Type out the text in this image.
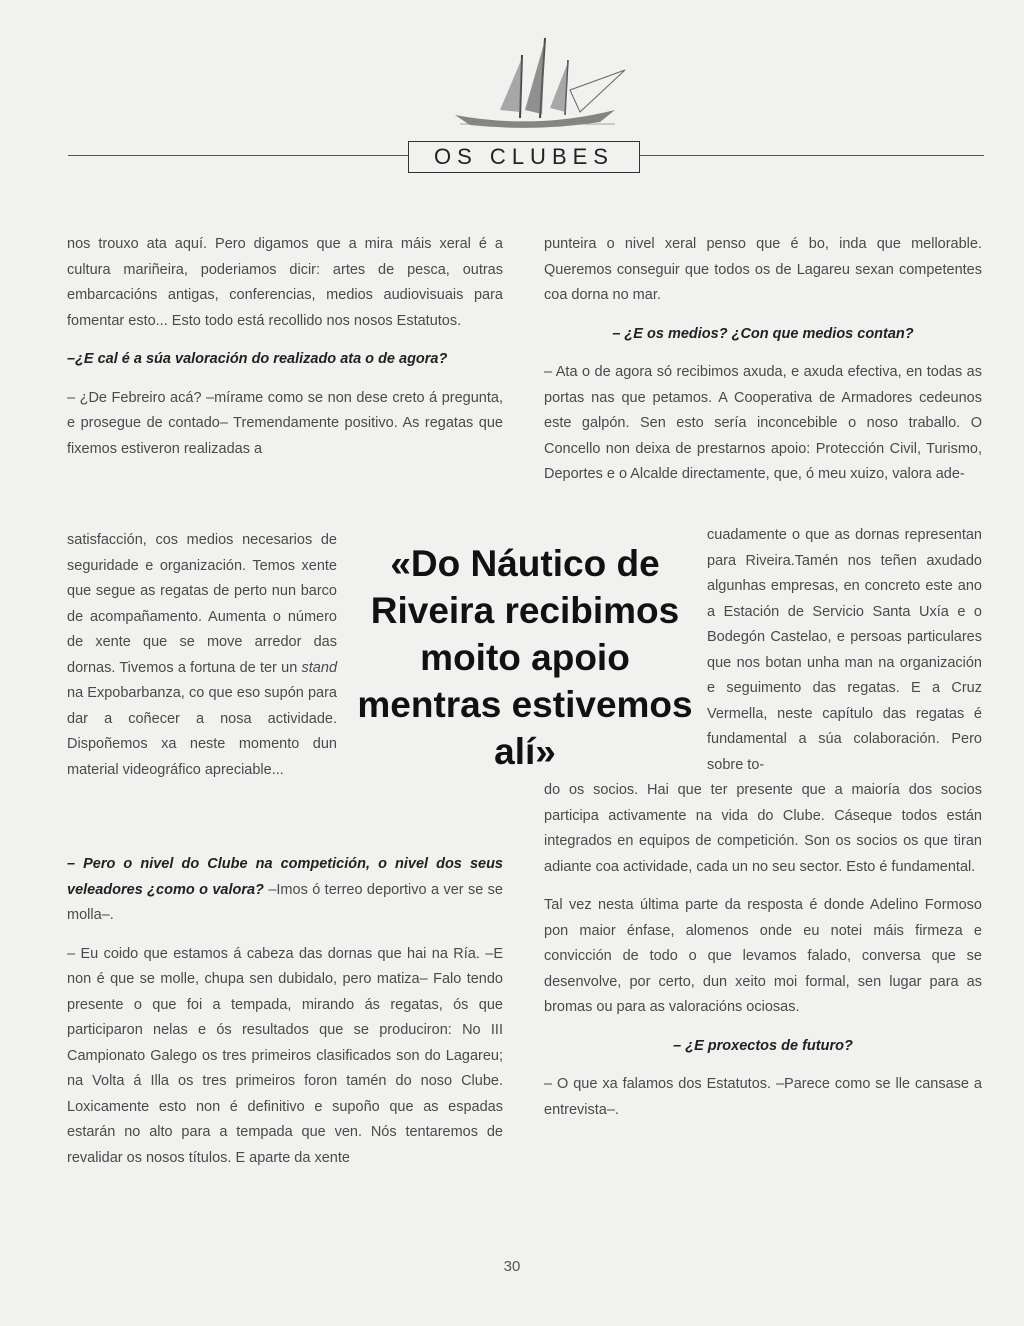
OS CLUBES

nos trouxo ata aquí. Pero digamos que a mira máis xeral é a cultura mariñeira, poderiamos dicir: artes de pesca, outras embarcacións antigas, conferencias, medios audiovisuais para fomentar esto... Esto todo está recollido nos nosos Estatutos.

–¿E cal é a súa valoración do realizado ata o de agora?

– ¿De Febreiro acá? –mírame como se non dese creto á pregunta, e prosegue de contado– Tremendamente positivo. As regatas que fixemos estiveron realizadas a

satisfacción, cos medios necesarios de seguridade e organización. Temos xente que segue as regatas de perto nun barco de acompañamento. Aumenta o número de xente que se move arredor das dornas. Tivemos a fortuna de ter un stand na Expobarbanza, co que eso supón para dar a coñecer a nosa actividade. Dispoñemos xa neste momento dun material videográfico apreciable...

«Do Náutico de Riveira recibimos moito apoio mentras estivemos alí»

– Pero o nivel do Clube na competición, o nivel dos seus veleadores ¿como o valora? –Imos ó terreo deportivo a ver se se molla–.

– Eu coido que estamos á cabeza das dornas que hai na Ría. –E non é que se molle, chupa sen dubidalo, pero matiza– Falo tendo presente o que foi a tempada, mirando ás regatas, ós que participaron nelas e ós resultados que se produciron: No III Campionato Galego os tres primeiros clasificados son do Lagareu; na Volta á Illa os tres primeiros foron tamén do noso Clube. Loxicamente esto non é definitivo e supoño que as espadas estarán no alto para a tempada que ven. Nós tentaremos de revalidar os nosos títulos. E aparte da xente

punteira o nivel xeral penso que é bo, inda que mellorable. Queremos conseguir que todos os de Lagareu sexan competentes coa dorna no mar.

– ¿E os medios? ¿Con que medios contan?

– Ata o de agora só recibimos axuda, e axuda efectiva, en todas as portas nas que petamos. A Cooperativa de Armadores cedeunos este galpón. Sen esto sería inconcebible o noso traballo. O Concello non deixa de prestarnos apoio: Protección Civil, Turismo, Deportes e o Alcalde directamente, que, ó meu xuizo, valora ade-

cuadamente o que as dornas representan para Riveira.Tamén nos teñen axudado algunhas empresas, en concreto este ano a Estación de Servicio Santa Uxía e o Bodegón Castelao, e persoas particulares que nos botan unha man na organización e seguimento das regatas. E a Cruz Vermella, neste capítulo das regatas é fundamental a súa colaboración. Pero sobre to-

do os socios. Hai que ter presente que a maioría dos socios participa activamente na vida do Clube. Cáseque todos están integrados en equipos de competición. Son os socios os que tiran adiante coa actividade, cada un no seu sector. Esto é fundamental.

Tal vez nesta última parte da resposta é donde Adelino Formoso pon maior énfase, alomenos onde eu notei máis firmeza e convicción de todo o que levamos falado, conversa que se desenvolve, por certo, dun xeito moi formal, sen lugar para as bromas ou para as valoracións ociosas.

– ¿E proxectos de futuro?

– O que xa falamos dos Estatutos. –Parece como se lle cansase a entrevista–.

30
